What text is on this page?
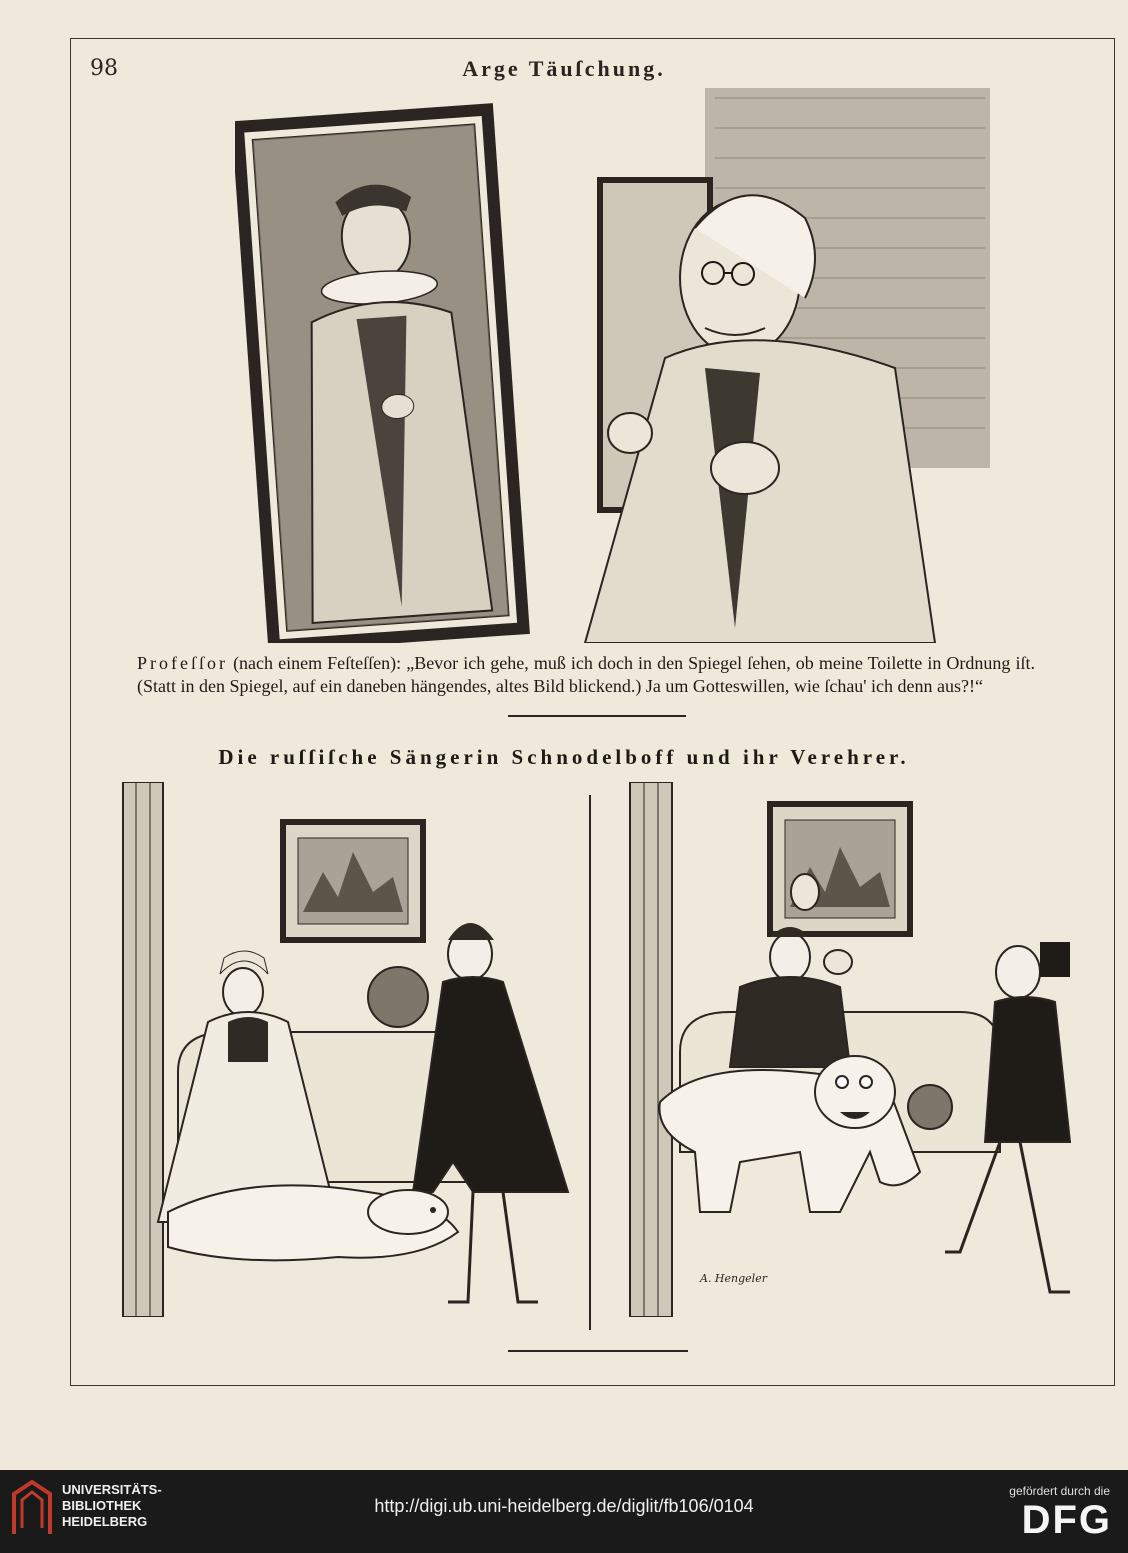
98	Arge Täuſchung.
Profeſſor (nach einem Feſteſſen): „Bevor ich gehe, muß ich doch in den Spiegel ſehen, ob meine Toilette in Ordnung iſt. (Statt in den Spiegel, auf ein daneben hängendes, altes Bild blickend.) Ja um Gotteswillen, wie ſchau' ich denn aus?!“
Die ruſſiſche Sängerin Schnodelboff und ihr Verehrer.
A. Hengeler
UNIVERSITÄTS-
BIBLIOTHEK
HEIDELBERG
http://digi.ub.uni-heidelberg.de/diglit/fb106/0104
gefördert durch die
DFG
